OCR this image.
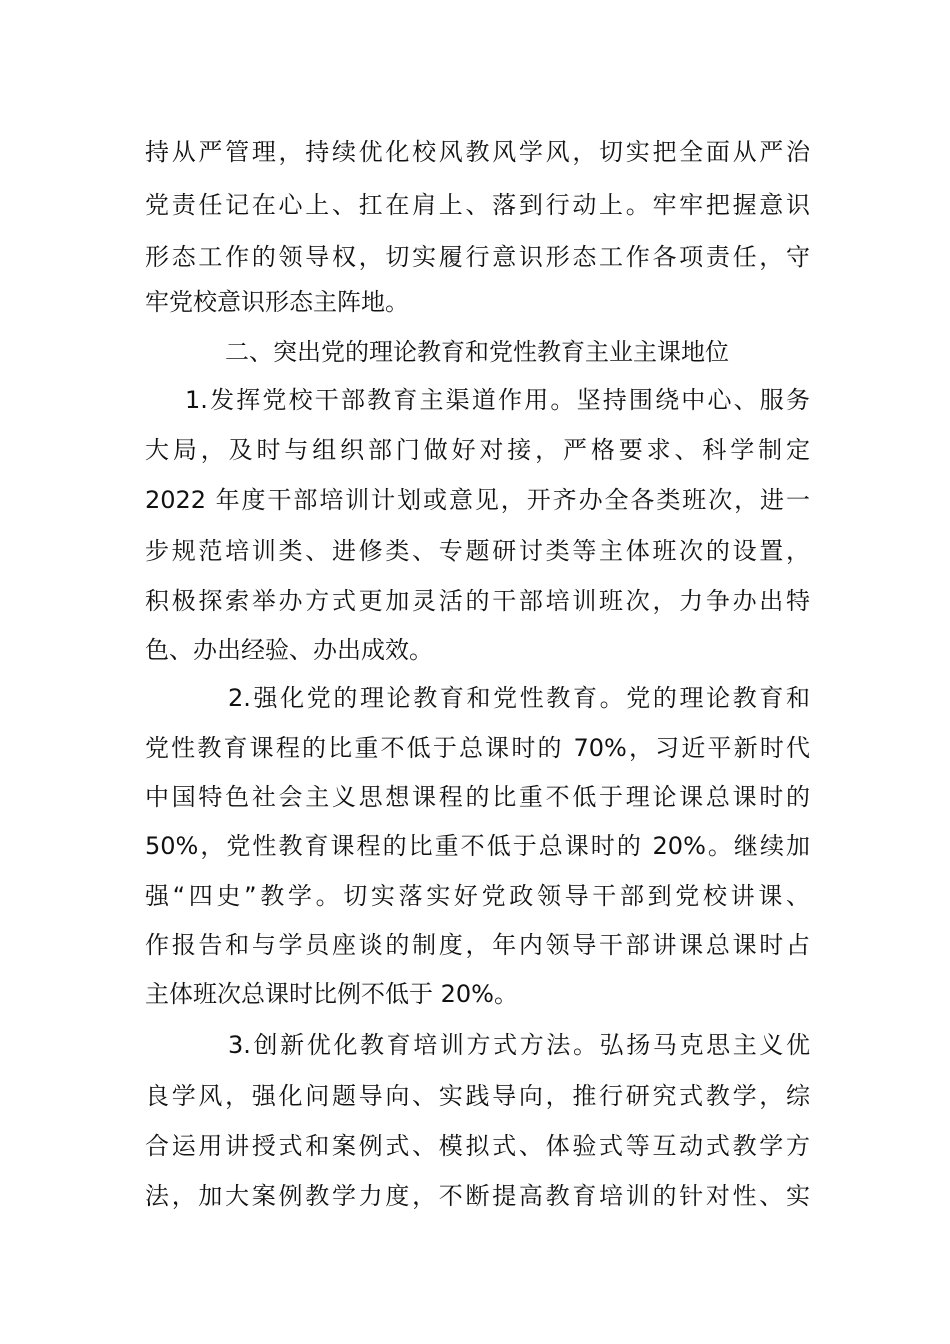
持从严管理，持续优化校风教风学风，切实把全面从严治
党责任记在心上、扛在肩上、落到行动上。牢牢把握意识
形态工作的领导权，切实履行意识形态工作各项责任，守
牢党校意识形态主阵地。
二、突出党的理论教育和党性教育主业主课地位
1.发挥党校干部教育主渠道作用。坚持围绕中心、服务
大局，及时与组织部门做好对接，严格要求、科学制定
2022 年度干部培训计划或意见，开齐办全各类班次，进一
步规范培训类、进修类、专题研讨类等主体班次的设置，
积极探索举办方式更加灵活的干部培训班次，力争办出特
色、办出经验、办出成效。
2.强化党的理论教育和党性教育。党的理论教育和
党性教育课程的比重不低于总课时的 70%，习近平新时代
中国特色社会主义思想课程的比重不低于理论课总课时的
50%，党性教育课程的比重不低于总课时的 20%。继续加
强“四史”教学。切实落实好党政领导干部到党校讲课、
作报告和与学员座谈的制度，年内领导干部讲课总课时占
主体班次总课时比例不低于 20%。
3.创新优化教育培训方式方法。弘扬马克思主义优
良学风，强化问题导向、实践导向，推行研究式教学，综
合运用讲授式和案例式、模拟式、体验式等互动式教学方
法，加大案例教学力度，不断提高教育培训的针对性、实
